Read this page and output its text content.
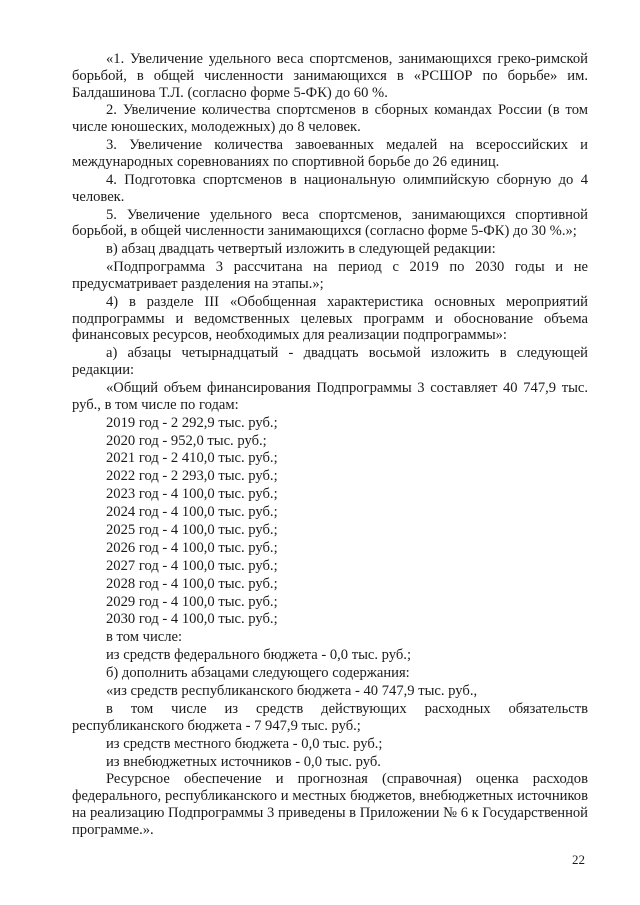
«1. Увеличение удельного веса спортсменов, занимающихся греко-римской борьбой, в общей численности занимающихся в «РСШОР по борьбе» им. Балдашинова Т.Л. (согласно форме 5-ФК) до 60 %.

2. Увеличение количества спортсменов в сборных командах России (в том числе юношеских, молодежных) до 8 человек.

3. Увеличение количества завоеванных медалей на всероссийских и международных соревнованиях по спортивной борьбе до 26 единиц.

4. Подготовка спортсменов в национальную олимпийскую сборную до 4 человек.

5. Увеличение удельного веса спортсменов, занимающихся спортивной борьбой, в общей численности занимающихся (согласно форме 5-ФК) до 30 %.»;

в) абзац двадцать четвертый изложить в следующей редакции:

«Подпрограмма 3 рассчитана на период с 2019 по 2030 годы и не предусматривает разделения на этапы.»;

4) в разделе III «Обобщенная характеристика основных мероприятий подпрограммы и ведомственных целевых программ и обоснование объема финансовых ресурсов, необходимых для реализации подпрограммы»:

а) абзацы четырнадцатый - двадцать восьмой изложить в следующей редакции:

«Общий объем финансирования Подпрограммы 3 составляет 40 747,9 тыс. руб., в том числе по годам:

2019 год - 2 292,9 тыс. руб.;
2020 год - 952,0 тыс. руб.;
2021 год - 2 410,0 тыс. руб.;
2022 год - 2 293,0 тыс. руб.;
2023 год - 4 100,0 тыс. руб.;
2024 год - 4 100,0 тыс. руб.;
2025 год - 4 100,0 тыс. руб.;
2026 год - 4 100,0 тыс. руб.;
2027 год - 4 100,0 тыс. руб.;
2028 год - 4 100,0 тыс. руб.;
2029 год - 4 100,0 тыс. руб.;
2030 год - 4 100,0 тыс. руб.;

в том числе:

из средств федерального бюджета - 0,0 тыс. руб.;

б) дополнить абзацами следующего содержания:

«из средств республиканского бюджета - 40 747,9 тыс. руб.,

в том числе из средств действующих расходных обязательств республиканского бюджета - 7 947,9 тыс. руб.;

из средств местного бюджета - 0,0 тыс. руб.;

из внебюджетных источников - 0,0 тыс. руб.

Ресурсное обеспечение и прогнозная (справочная) оценка расходов федерального, республиканского и местных бюджетов, внебюджетных источников на реализацию Подпрограммы 3 приведены в Приложении № 6 к Государственной программе.».

22
